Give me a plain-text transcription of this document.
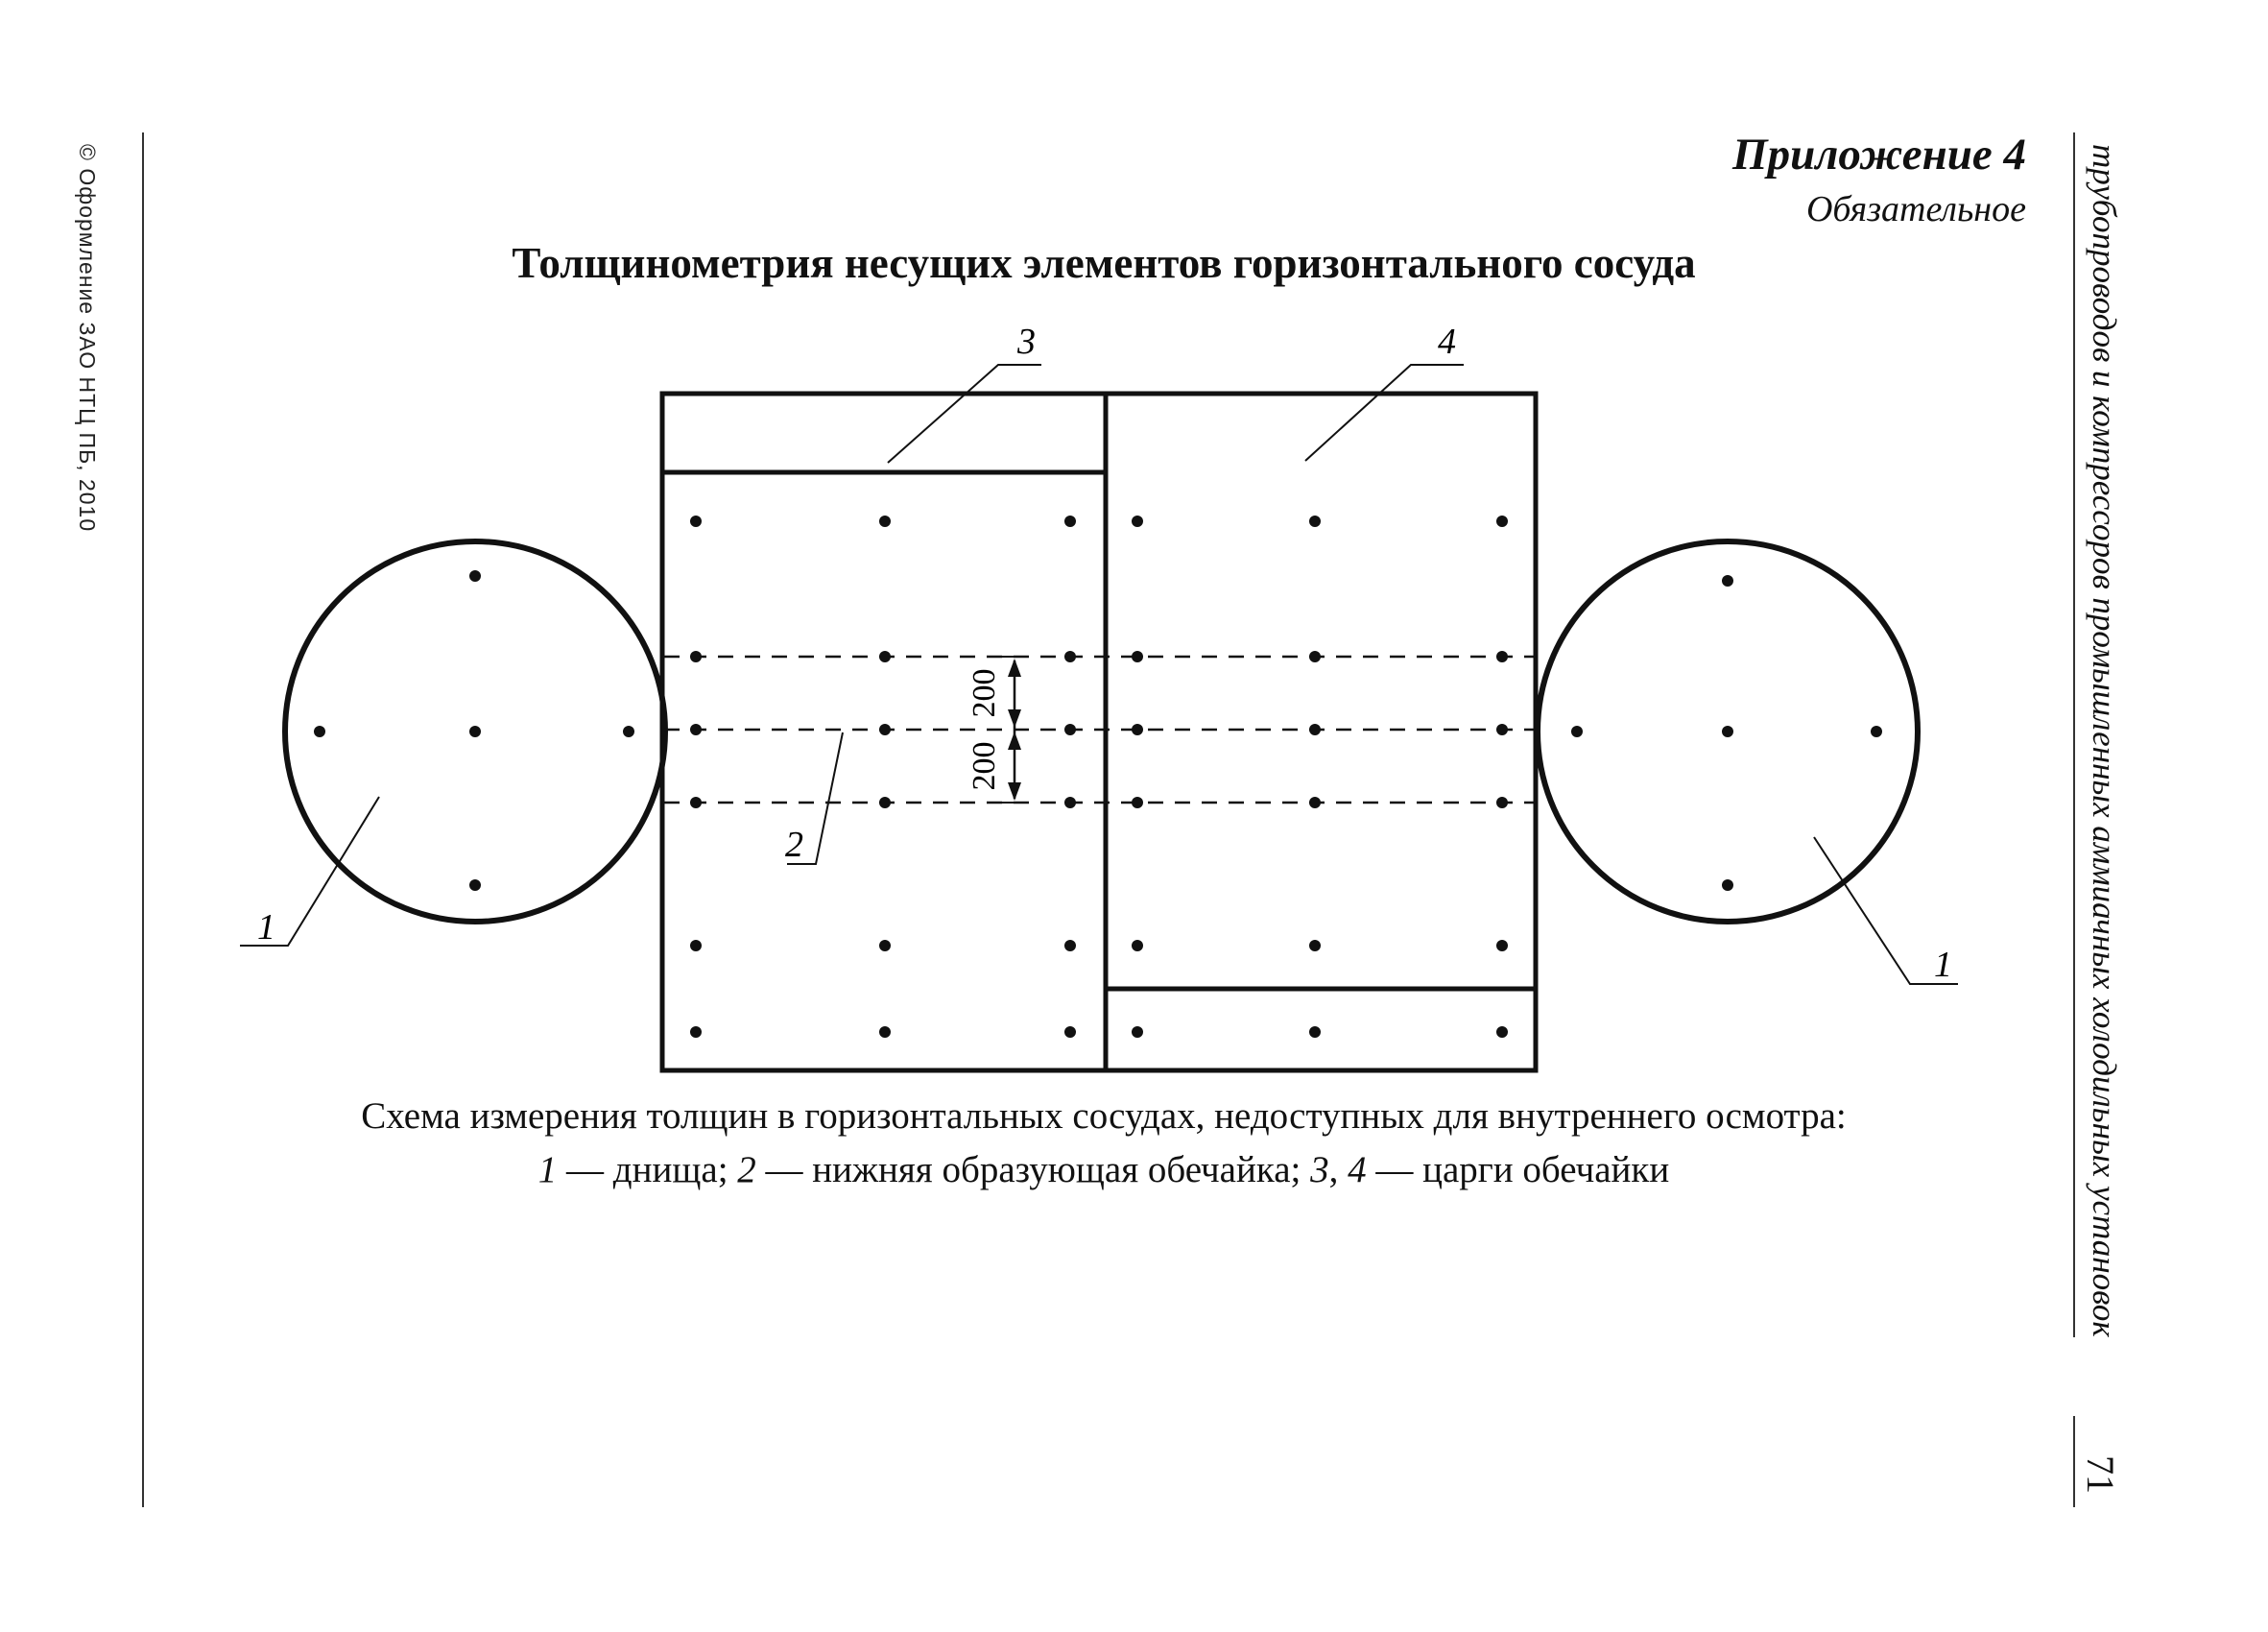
© Оформление ЗАО НТЦ ПБ, 2010	трубопроводов и компрессоров промышленных аммиачных холодильных установок
71
Приложение 4
Обязательное
Толщинометрия несущих элементов горизонтального сосуда
200
200
1
2
3	4
1
Схема измерения толщин в горизонтальных сосудах, недоступных для внутреннего осмотра:
1 — днища; 2 — нижняя образующая обечайка; 3, 4 — царги обечайки
